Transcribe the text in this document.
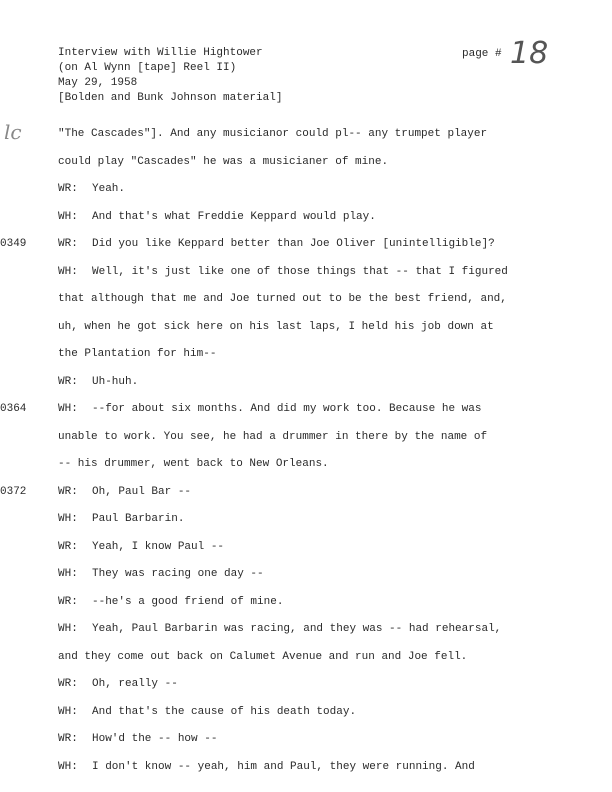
Interview with Willie Hightower
(on Al Wynn [tape] Reel II)
May 29, 1958
[Bolden and Bunk Johnson material]
page # 18
lc	"The Cascades"]. And any musicianor could pl-- any trumpet player
could play "Cascades" he was a musicianer of mine.
WR: Yeah.
WH: And that's what Freddie Keppard would play.
0349	WR: Did you like Keppard better than Joe Oliver [unintelligible]?
WH: Well, it's just like one of those things that -- that I figured
that although that me and Joe turned out to be the best friend, and,
uh, when he got sick here on his last laps, I held his job down at
the Plantation for him--
WR: Uh-huh.
0364	WH: --for about six months. And did my work too. Because he was
unable to work. You see, he had a drummer in there by the name of
-- his drummer, went back to New Orleans.
0372	WR: Oh, Paul Bar --
WH: Paul Barbarin.
WR: Yeah, I know Paul --
WH: They was racing one day --
WR: --he's a good friend of mine.
WH: Yeah, Paul Barbarin was racing, and they was -- had rehearsal,
and they come out back on Calumet Avenue and run and Joe fell.
WR: Oh, really --
WH: And that's the cause of his death today.
WR: How'd the -- how --
WH: I don't know -- yeah, him and Paul, they were running. And
